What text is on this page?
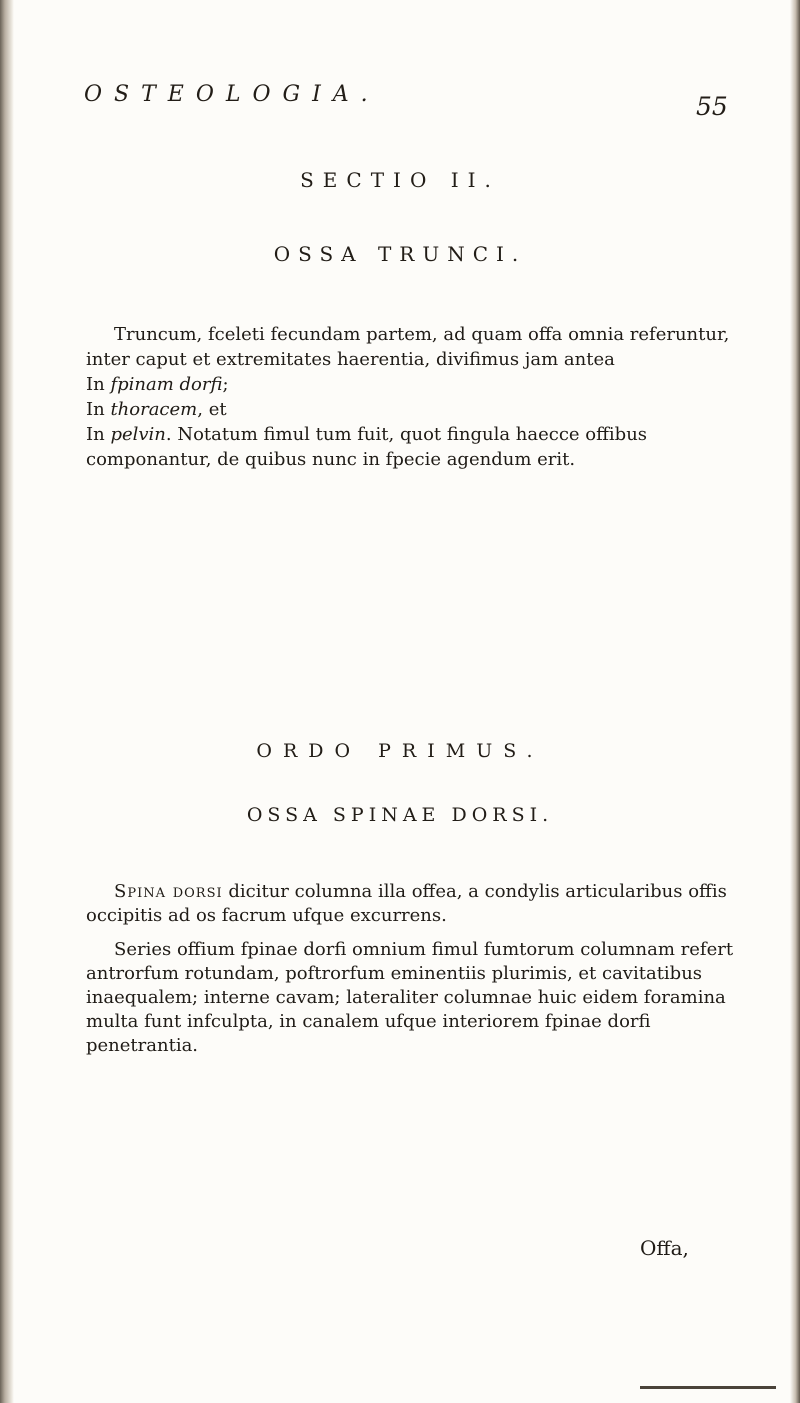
OSTEOLOGIA.	55
SECTIO II.
OSSA TRUNCI.

Truncum, fceleti fecundam partem, ad quam offa omnia referuntur, inter caput et extremitates haerentia, divifimus jam antea

In fpinam dorfi;

In thoracem, et

In pelvin. Notatum fimul tum fuit, quot fingula haecce offibus componantur, de quibus nunc in fpecie agendum erit.

ORDO PRIMUS.
OSSA SPINAE DORSI.

Spina dorsi dicitur columna illa offea, a condylis articularibus offis occipitis ad os facrum ufque excurrens.

Series offium fpinae dorfi omnium fimul fumtorum columnam refert antrorfum rotundam, poftrorfum eminentiis plurimis, et cavitatibus inaequalem; interne cavam; lateraliter columnae huic eidem foramina multa funt infculpta, in canalem ufque interiorem fpinae dorfi penetrantia.

Offa,
